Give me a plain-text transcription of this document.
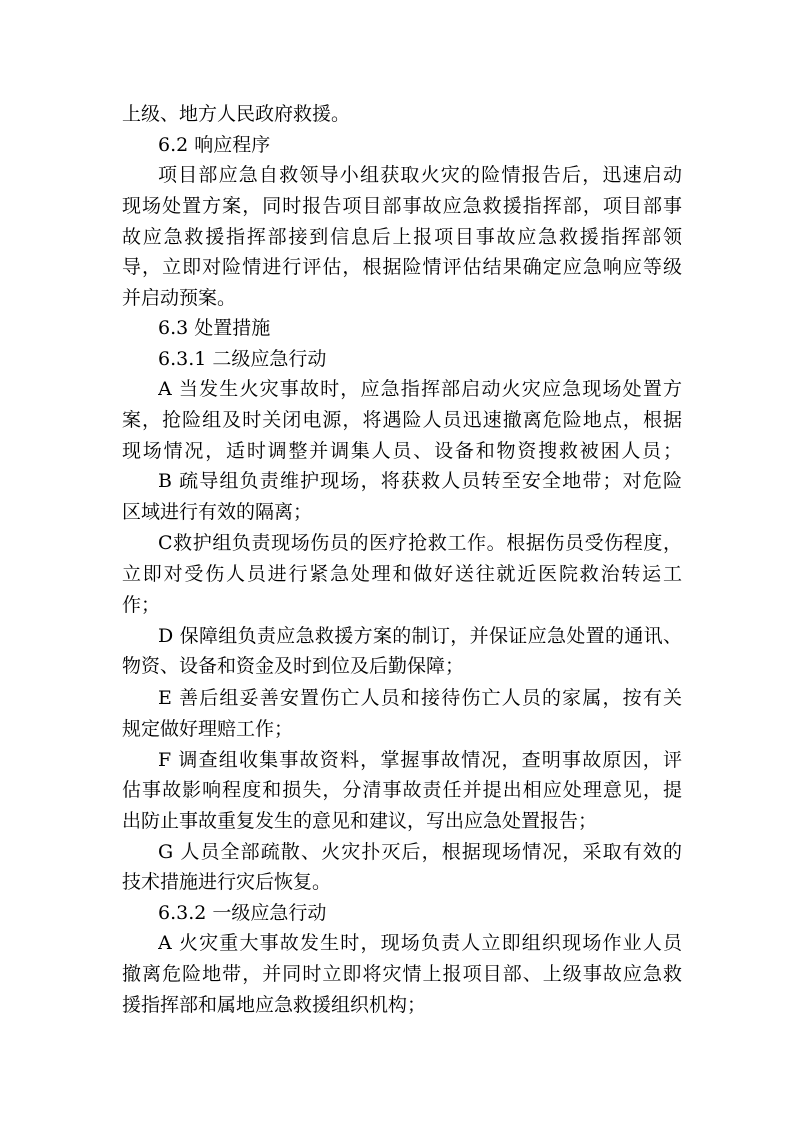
上级、地方人民政府救援。
6.2 响应程序
项目部应急自救领导小组获取火灾的险情报告后，迅速启动
现场处置方案，同时报告项目部事故应急救援指挥部，项目部事
故应急救援指挥部接到信息后上报项目事故应急救援指挥部领
导，立即对险情进行评估，根据险情评估结果确定应急响应等级
并启动预案。
6.3 处置措施
6.3.1 二级应急行动
A 当发生火灾事故时，应急指挥部启动火灾应急现场处置方
案，抢险组及时关闭电源，将遇险人员迅速撤离危险地点，根据
现场情况，适时调整并调集人员、设备和物资搜救被困人员；
B 疏导组负责维护现场，将获救人员转至安全地带；对危险
区域进行有效的隔离；
C救护组负责现场伤员的医疗抢救工作。根据伤员受伤程度，
立即对受伤人员进行紧急处理和做好送往就近医院救治转运工
作；
D 保障组负责应急救援方案的制订，并保证应急处置的通讯、
物资、设备和资金及时到位及后勤保障；
E 善后组妥善安置伤亡人员和接待伤亡人员的家属，按有关
规定做好理赔工作；
F 调查组收集事故资料，掌握事故情况，查明事故原因，评
估事故影响程度和损失，分清事故责任并提出相应处理意见，提
出防止事故重复发生的意见和建议，写出应急处置报告；
G 人员全部疏散、火灾扑灭后，根据现场情况，采取有效的
技术措施进行灾后恢复。
6.3.2 一级应急行动
A 火灾重大事故发生时，现场负责人立即组织现场作业人员
撤离危险地带，并同时立即将灾情上报项目部、上级事故应急救
援指挥部和属地应急救援组织机构；
